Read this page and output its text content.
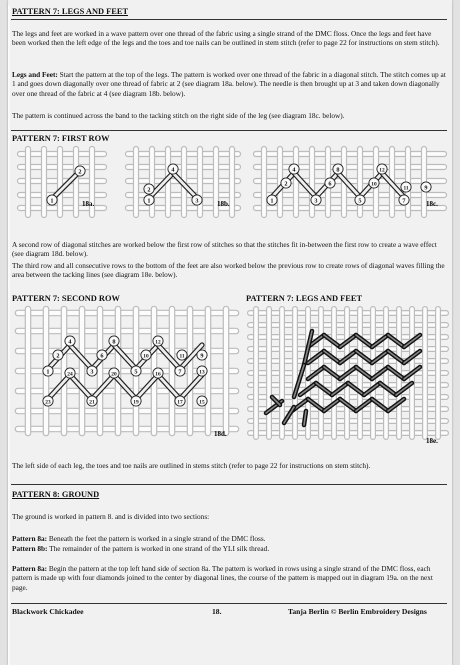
PATTERN 7: LEGS AND FEET
The legs and feet are worked in a wave pattern over one thread of the fabric using a single strand of the DMC floss. Once the legs and feet have been worked then the left edge of the legs and the toes and toe nails can be outlined in stem stitch (refer to page 22 for instructions on stem stitch).
Legs and Feet: Start the pattern at the top of the legs. The pattern is worked over one thread of the fabric in a diagonal stitch. The stitch comes up at 1 and goes down diagonally over one thread of fabric at 2 (see diagram 18a. below). The needle is then brought up at 3 and taken down diagonally over one thread of the fabric at 4 (see diagram 18b. below).
The pattern is continued across the band to the tacking stitch on the right side of the leg (see diagram 18c. below).
PATTERN 7: FIRST ROW
2
1
4
2
1	3
4	8	12
2	6	10
1	3	5	7
9
11
18a.	18b.	18c.
A second row of diagonal stitches are worked below the first row of stitches so that the stitches fit in-between the first row to create a wave effect (see diagram 18d. below).
The third row and all consecutive rows to the bottom of the feet are also worked below the previous row to create rows of diagonal waves filling the area between the tacking lines (see diagram 18e. below).
PATTERN 7: SECOND ROW	PATTERN 7: LEGS AND FEET
4	8	12
2	6	10
1	3	5	7
9
11
24	20	16
23	21	19	17	15
13
18d.
18e.
The left side of each leg, the toes and toe nails are outlined in stems stitch (refer to page 22 for instructions on stem stitch).
PATTERN 8: GROUND
The ground is worked in pattern 8. and is divided into two sections:
Pattern 8a: Beneath the feet the pattern is worked in a single strand of the DMC floss.
Pattern 8b: The remainder of the pattern is worked in one strand of the YLI silk thread.
Pattern 8a: Begin the pattern at the top left hand side of section 8a. The pattern is worked in rows using a single strand of the DMC floss, each pattern is made up with four diamonds joined to the center by diagonal lines, the course of the pattern is mapped out in diagram 19a. on the next page.
Blackwork Chickadee	18.	Tanja Berlin © Berlin Embroidery Designs
